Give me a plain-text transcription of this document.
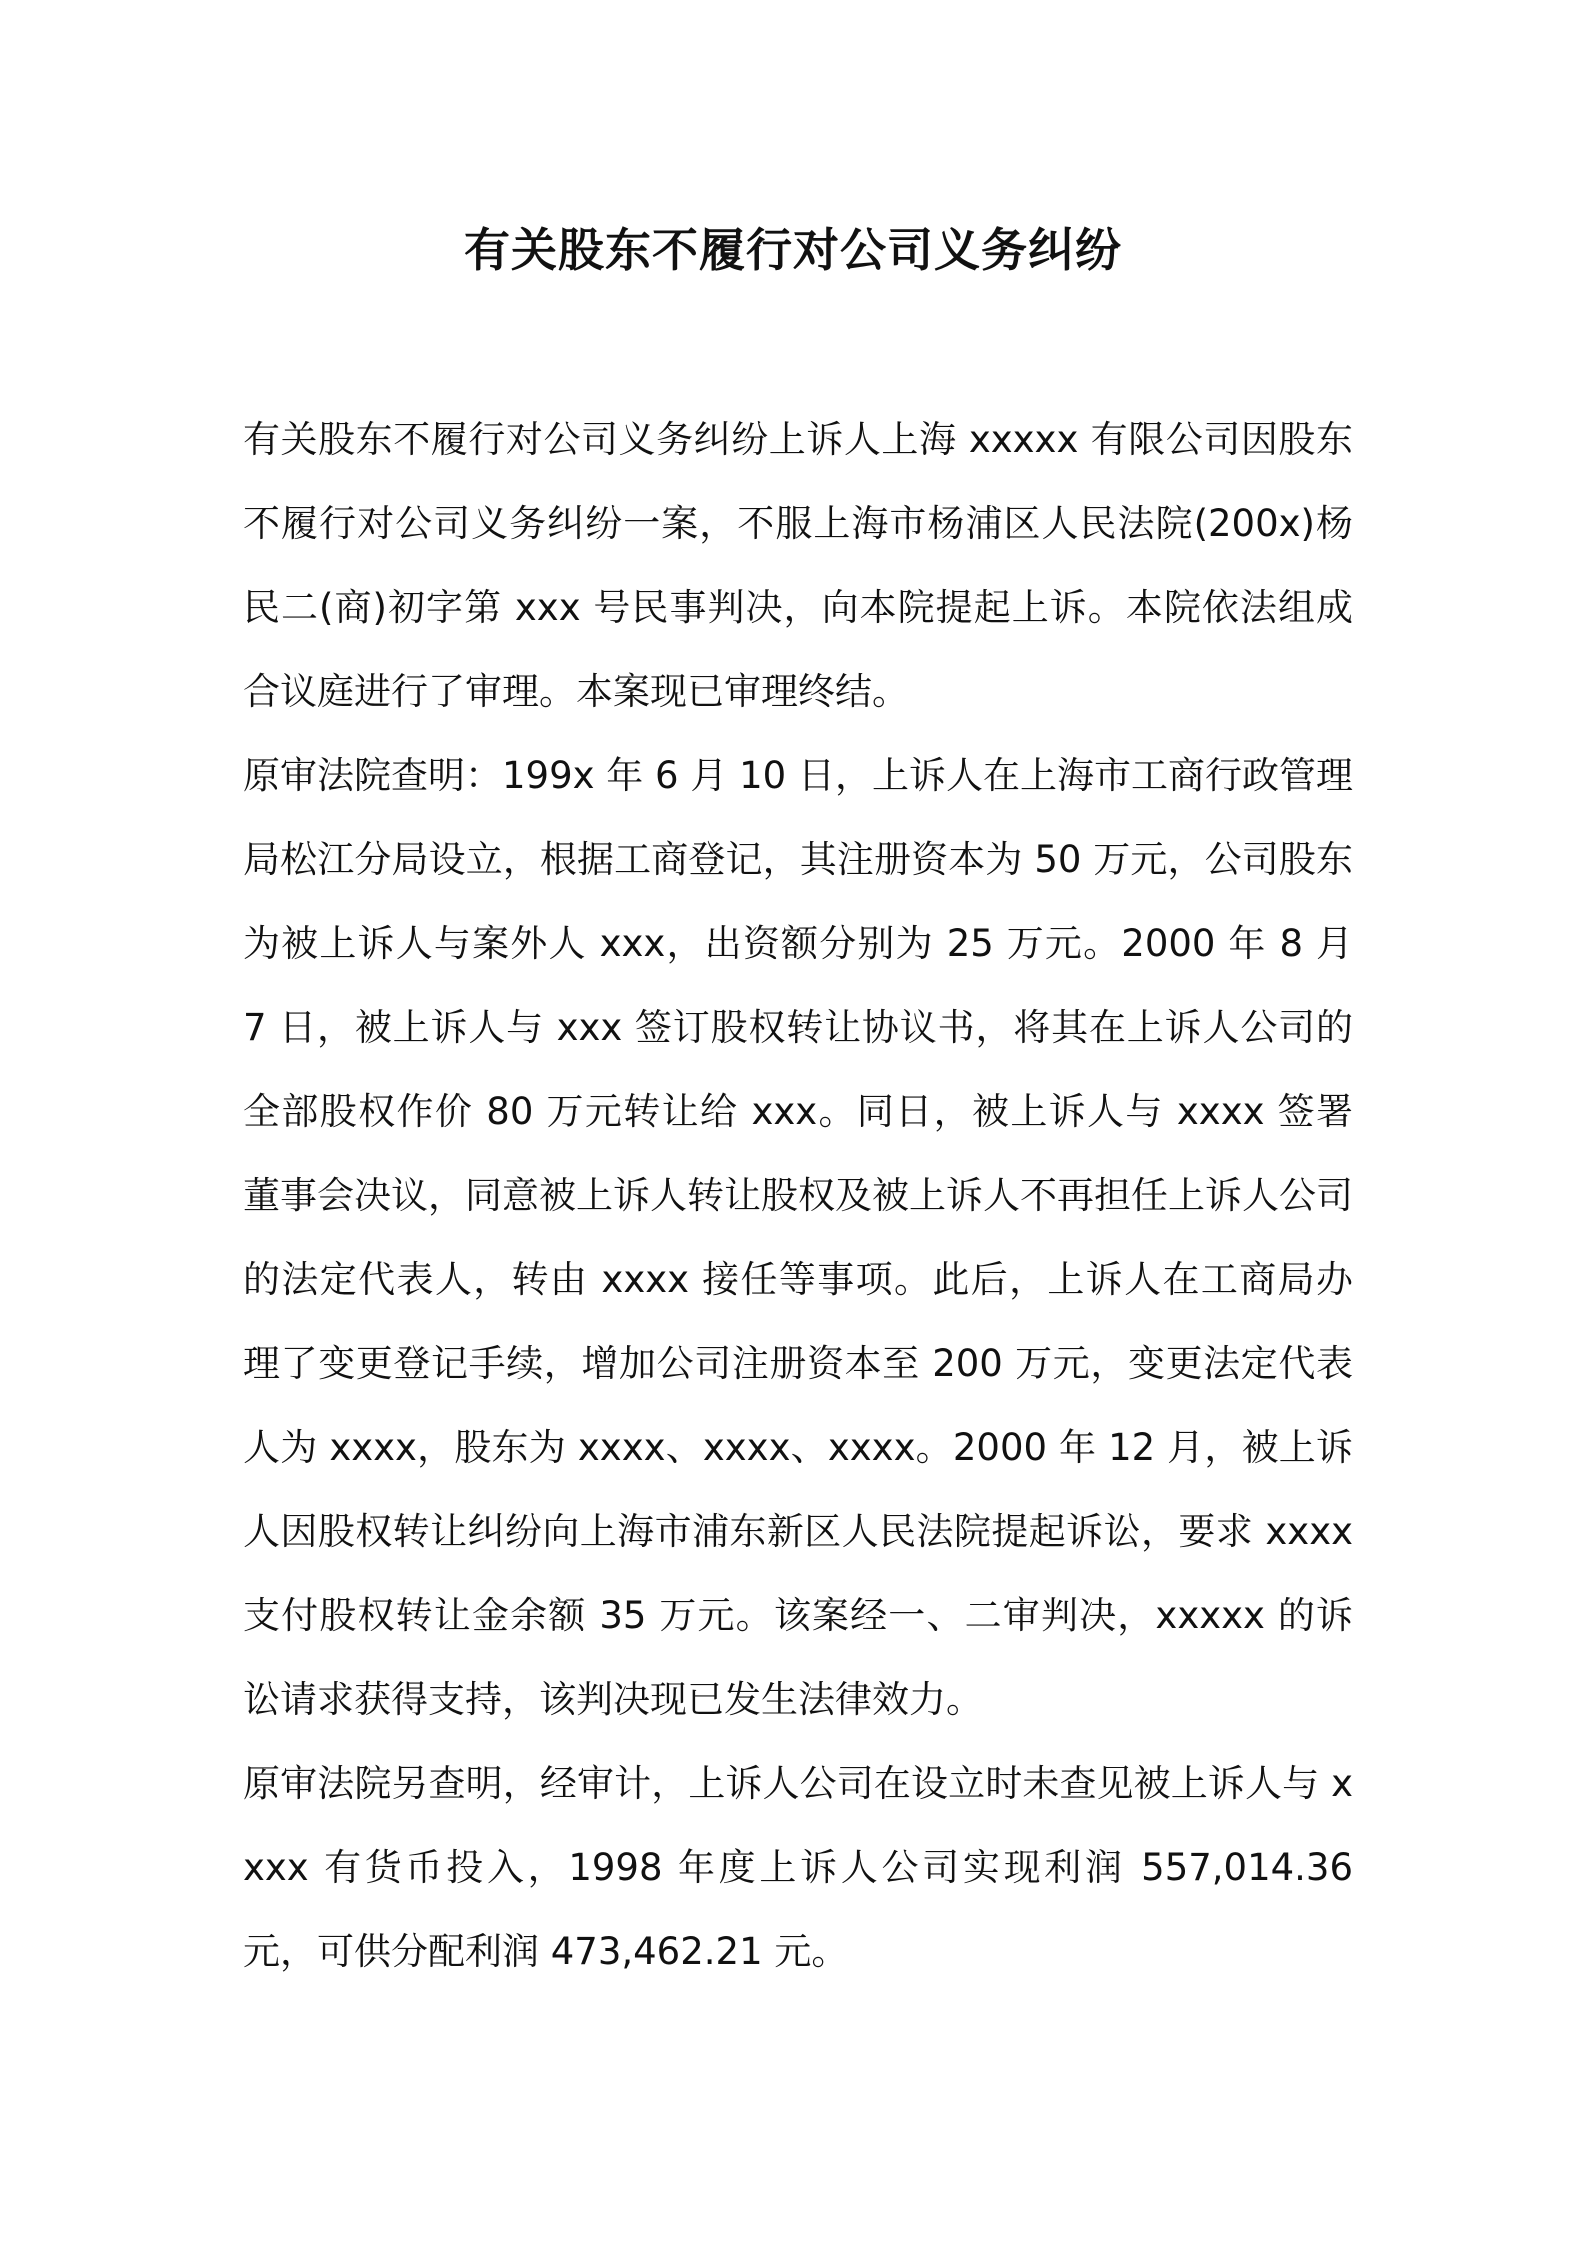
有关股东不履行对公司义务纠纷

有关股东不履行对公司义务纠纷上诉人上海 xxxxx 有限公司因股东不履行对公司义务纠纷一案，不服上海市杨浦区人民法院(200x)杨民二(商)初字第 xxx 号民事判决，向本院提起上诉。本院依法组成合议庭进行了审理。本案现已审理终结。

原审法院查明：199x 年 6 月 10 日，上诉人在上海市工商行政管理局松江分局设立，根据工商登记，其注册资本为 50 万元，公司股东为被上诉人与案外人 xxx，出资额分别为 25 万元。2000 年 8 月 7 日，被上诉人与 xxx 签订股权转让协议书，将其在上诉人公司的全部股权作价 80 万元转让给 xxx。同日，被上诉人与 xxxx 签署董事会决议，同意被上诉人转让股权及被上诉人不再担任上诉人公司的法定代表人，转由 xxxx 接任等事项。此后，上诉人在工商局办理了变更登记手续，增加公司注册资本至 200 万元，变更法定代表人为 xxxx，股东为 xxxx、xxxx、xxxx。2000 年 12 月，被上诉人因股权转让纠纷向上海市浦东新区人民法院提起诉讼，要求 xxxx 支付股权转让金余额 35 万元。该案经一、二审判决，xxxxx 的诉讼请求获得支持，该判决现已发生法律效力。

原审法院另查明，经审计，上诉人公司在设立时未查见被上诉人与 xxxx 有货币投入，1998 年度上诉人公司实现利润 557,014.36 元，可供分配利润 473,462.21 元。
